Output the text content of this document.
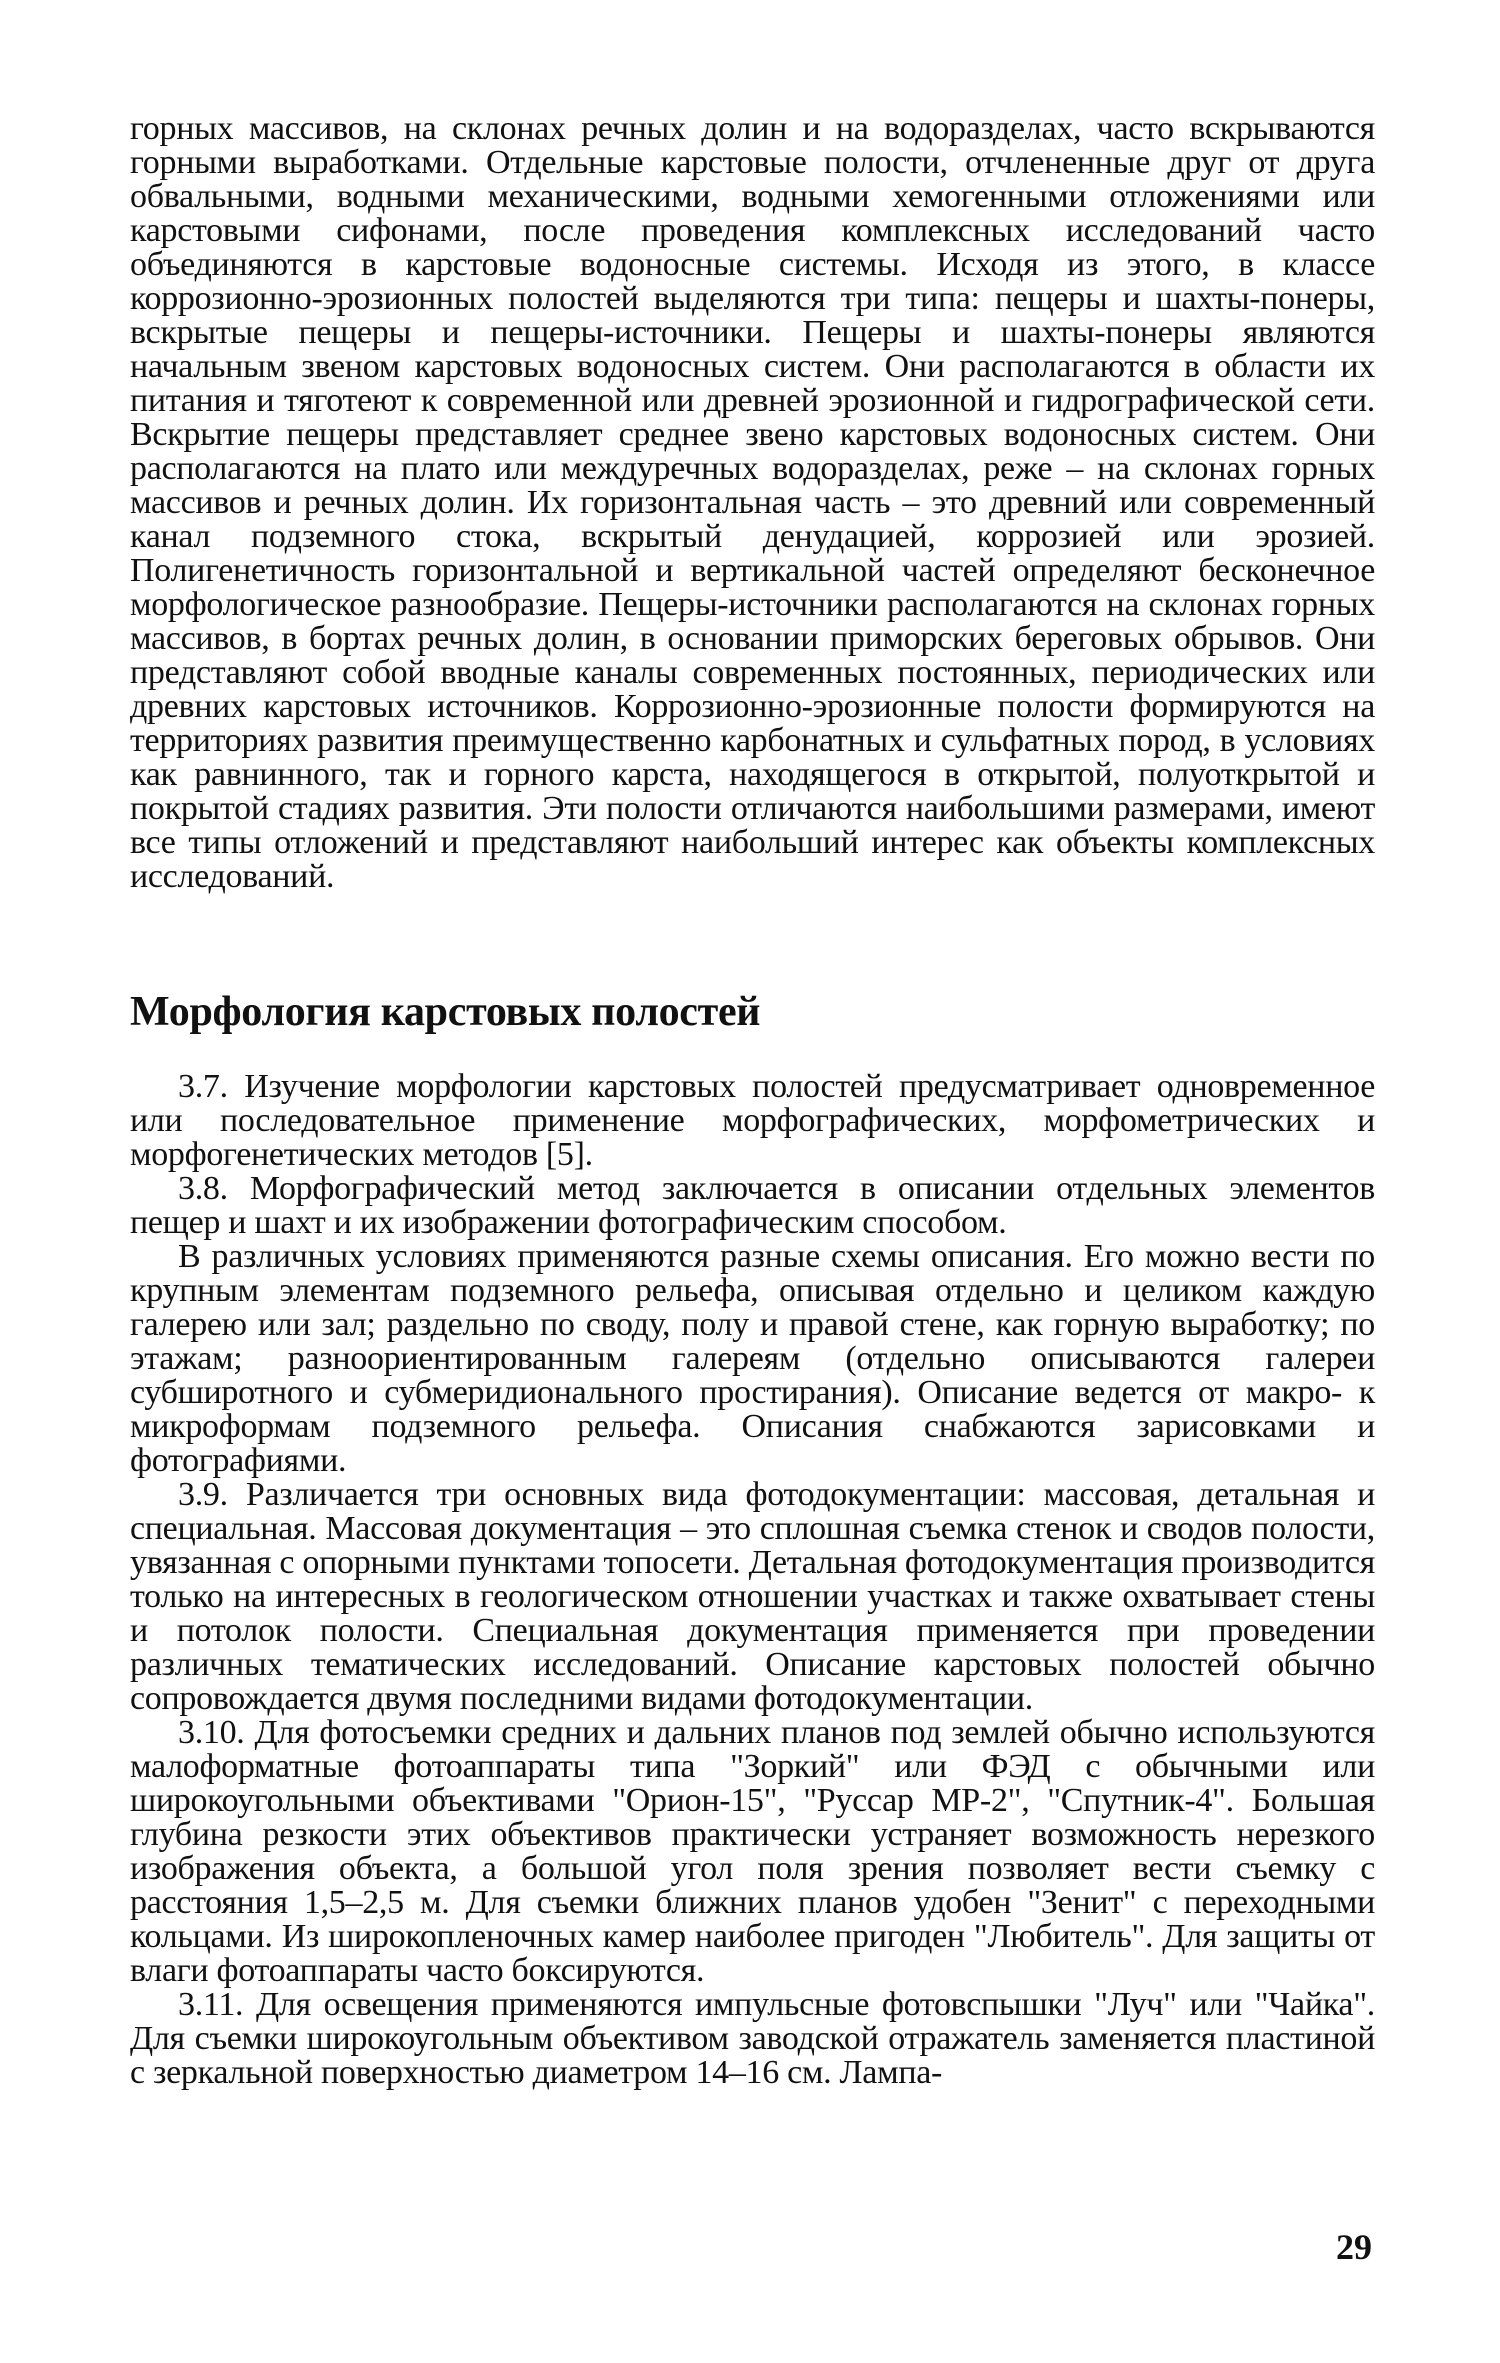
горных массивов, на склонах речных долин и на водоразделах, часто вскрываются горными выработками. Отдельные карстовые полости, отчлененные друг от друга обвальными, водными механическими, водными хемогенными отложениями или карстовыми сифонами, после проведения комплексных исследований часто объединяются в карстовые водоносные системы. Исходя из этого, в классе коррозионно-эрозионных полостей выделяются три типа: пещеры и шахты-понеры, вскрытые пещеры и пещеры-источники. Пещеры и шахты-понеры являются начальным звеном карстовых водоносных систем. Они располагаются в области их питания и тяготеют к современной или древней эрозионной и гидрографической сети. Вскрытие пещеры представляет среднее звено карстовых водоносных систем. Они располагаются на плато или междуречных водоразделах, реже – на склонах горных массивов и речных долин. Их горизонтальная часть – это древний или современный канал подземного стока, вскрытый денудацией, коррозией или эрозией. Полигенетичность горизонтальной и вертикальной частей определяют бесконечное морфологическое разнообразие. Пещеры-источники располагаются на склонах горных массивов, в бортах речных долин, в основании приморских береговых обрывов. Они представляют собой вводные каналы современных постоянных, периодических или древних карстовых источников. Коррозионно-эрозионные полости формируются на территориях развития преимущественно карбонатных и сульфатных пород, в условиях как равнинного, так и горного карста, находящегося в открытой, полуоткрытой и покрытой стадиях развития. Эти полости отличаются наибольшими размерами, имеют все типы отложений и представляют наибольший интерес как объекты комплексных исследований.

Морфология карстовых полостей

3.7. Изучение морфологии карстовых полостей предусматривает одновременное или последовательное применение морфографических, морфометрических и морфогенетических методов [5].

3.8. Морфографический метод заключается в описании отдельных элементов пещер и шахт и их изображении фотографическим способом.

В различных условиях применяются разные схемы описания. Его можно вести по крупным элементам подземного рельефа, описывая отдельно и целиком каждую галерею или зал; раздельно по своду, полу и правой стене, как горную выработку; по этажам; разноориентированным галереям (отдельно описываются галереи субширотного и субмеридионального простирания). Описание ведется от макро- к микроформам подземного рельефа. Описания снабжаются зарисовками и фотографиями.

3.9. Различается три основных вида фотодокументации: массовая, детальная и специальная. Массовая документация – это сплошная съемка стенок и сводов полости, увязанная с опорными пунктами топосети. Детальная фотодокументация производится только на интересных в геологическом отношении участках и также охватывает стены и потолок полости. Специальная документация применяется при проведении различных тематических исследований. Описание карстовых полостей обычно сопровождается двумя последними видами фотодокументации.

3.10. Для фотосъемки средних и дальних планов под землей обычно используются малоформатные фотоаппараты типа "Зоркий" или ФЭД с обычными или широкоугольными объективами "Орион-15", "Руссар МР-2", "Спутник-4". Большая глубина резкости этих объективов практически устраняет возможность нерезкого изображения объекта, а большой угол поля зрения позволяет вести съемку с расстояния 1,5–2,5 м. Для съемки ближних планов удобен "Зенит" с переходными кольцами. Из широкопленочных камер наиболее пригоден "Любитель". Для защиты от влаги фотоаппараты часто боксируются.

3.11. Для освещения применяются импульсные фотовспышки "Луч" или "Чайка". Для съемки широкоугольным объективом заводской отражатель заменяется пластиной с зеркальной поверхностью диаметром 14–16 см. Лампа-

29
